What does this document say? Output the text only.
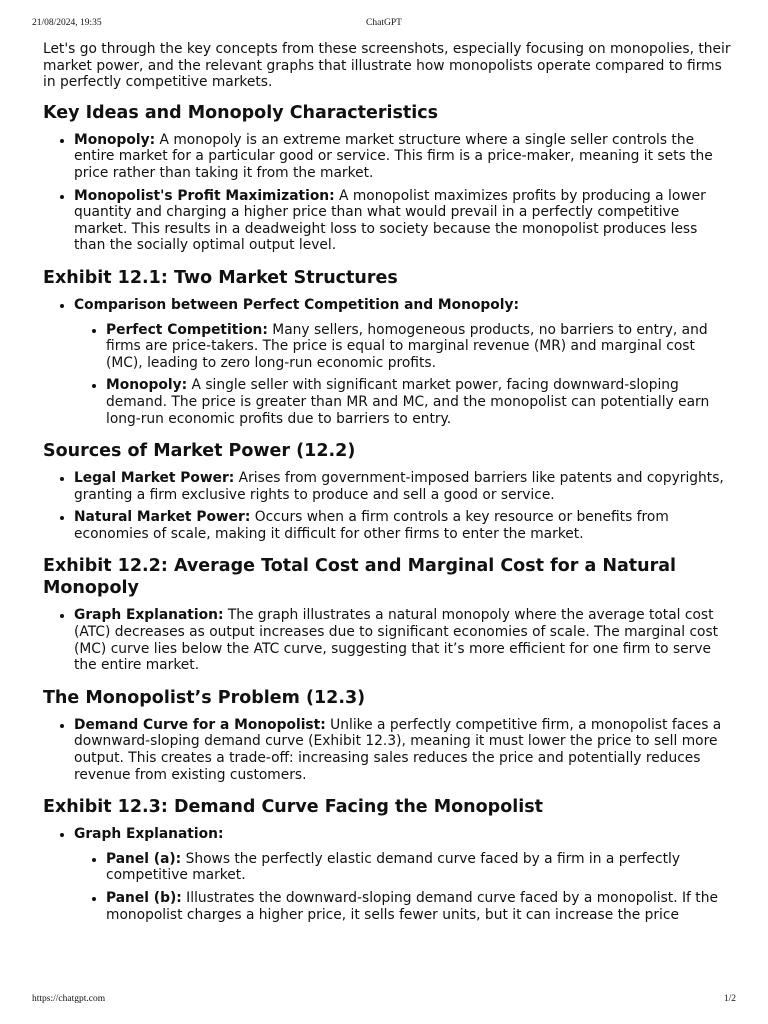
21/08/2024, 19:35	ChatGPT

Let's go through the key concepts from these screenshots, especially focusing on monopolies, their market power, and the relevant graphs that illustrate how monopolists operate compared to firms in perfectly competitive markets.

Key Ideas and Monopoly Characteristics
• Monopoly: A monopoly is an extreme market structure where a single seller controls the entire market for a particular good or service. This firm is a price-maker, meaning it sets the price rather than taking it from the market.
• Monopolist's Profit Maximization: A monopolist maximizes profits by producing a lower quantity and charging a higher price than what would prevail in a perfectly competitive market. This results in a deadweight loss to society because the monopolist produces less than the socially optimal output level.
Exhibit 12.1: Two Market Structures
• Comparison between Perfect Competition and Monopoly:
• Perfect Competition: Many sellers, homogeneous products, no barriers to entry, and firms are price-takers. The price is equal to marginal revenue (MR) and marginal cost (MC), leading to zero long-run economic profits.
• Monopoly: A single seller with significant market power, facing downward-sloping demand. The price is greater than MR and MC, and the monopolist can potentially earn long-run economic profits due to barriers to entry.
Sources of Market Power (12.2)
• Legal Market Power: Arises from government-imposed barriers like patents and copyrights, granting a firm exclusive rights to produce and sell a good or service.
• Natural Market Power: Occurs when a firm controls a key resource or benefits from economies of scale, making it difficult for other firms to enter the market.
Exhibit 12.2: Average Total Cost and Marginal Cost for a Natural Monopoly
• Graph Explanation: The graph illustrates a natural monopoly where the average total cost (ATC) decreases as output increases due to significant economies of scale. The marginal cost (MC) curve lies below the ATC curve, suggesting that it’s more efficient for one firm to serve the entire market.
The Monopolist’s Problem (12.3)
• Demand Curve for a Monopolist: Unlike a perfectly competitive firm, a monopolist faces a downward-sloping demand curve (Exhibit 12.3), meaning it must lower the price to sell more output. This creates a trade-off: increasing sales reduces the price and potentially reduces revenue from existing customers.
Exhibit 12.3: Demand Curve Facing the Monopolist
• Graph Explanation:
• Panel (a): Shows the perfectly elastic demand curve faced by a firm in a perfectly competitive market.
• Panel (b): Illustrates the downward-sloping demand curve faced by a monopolist. If the monopolist charges a higher price, it sells fewer units, but it can increase the price
https://chatgpt.com	1/2
